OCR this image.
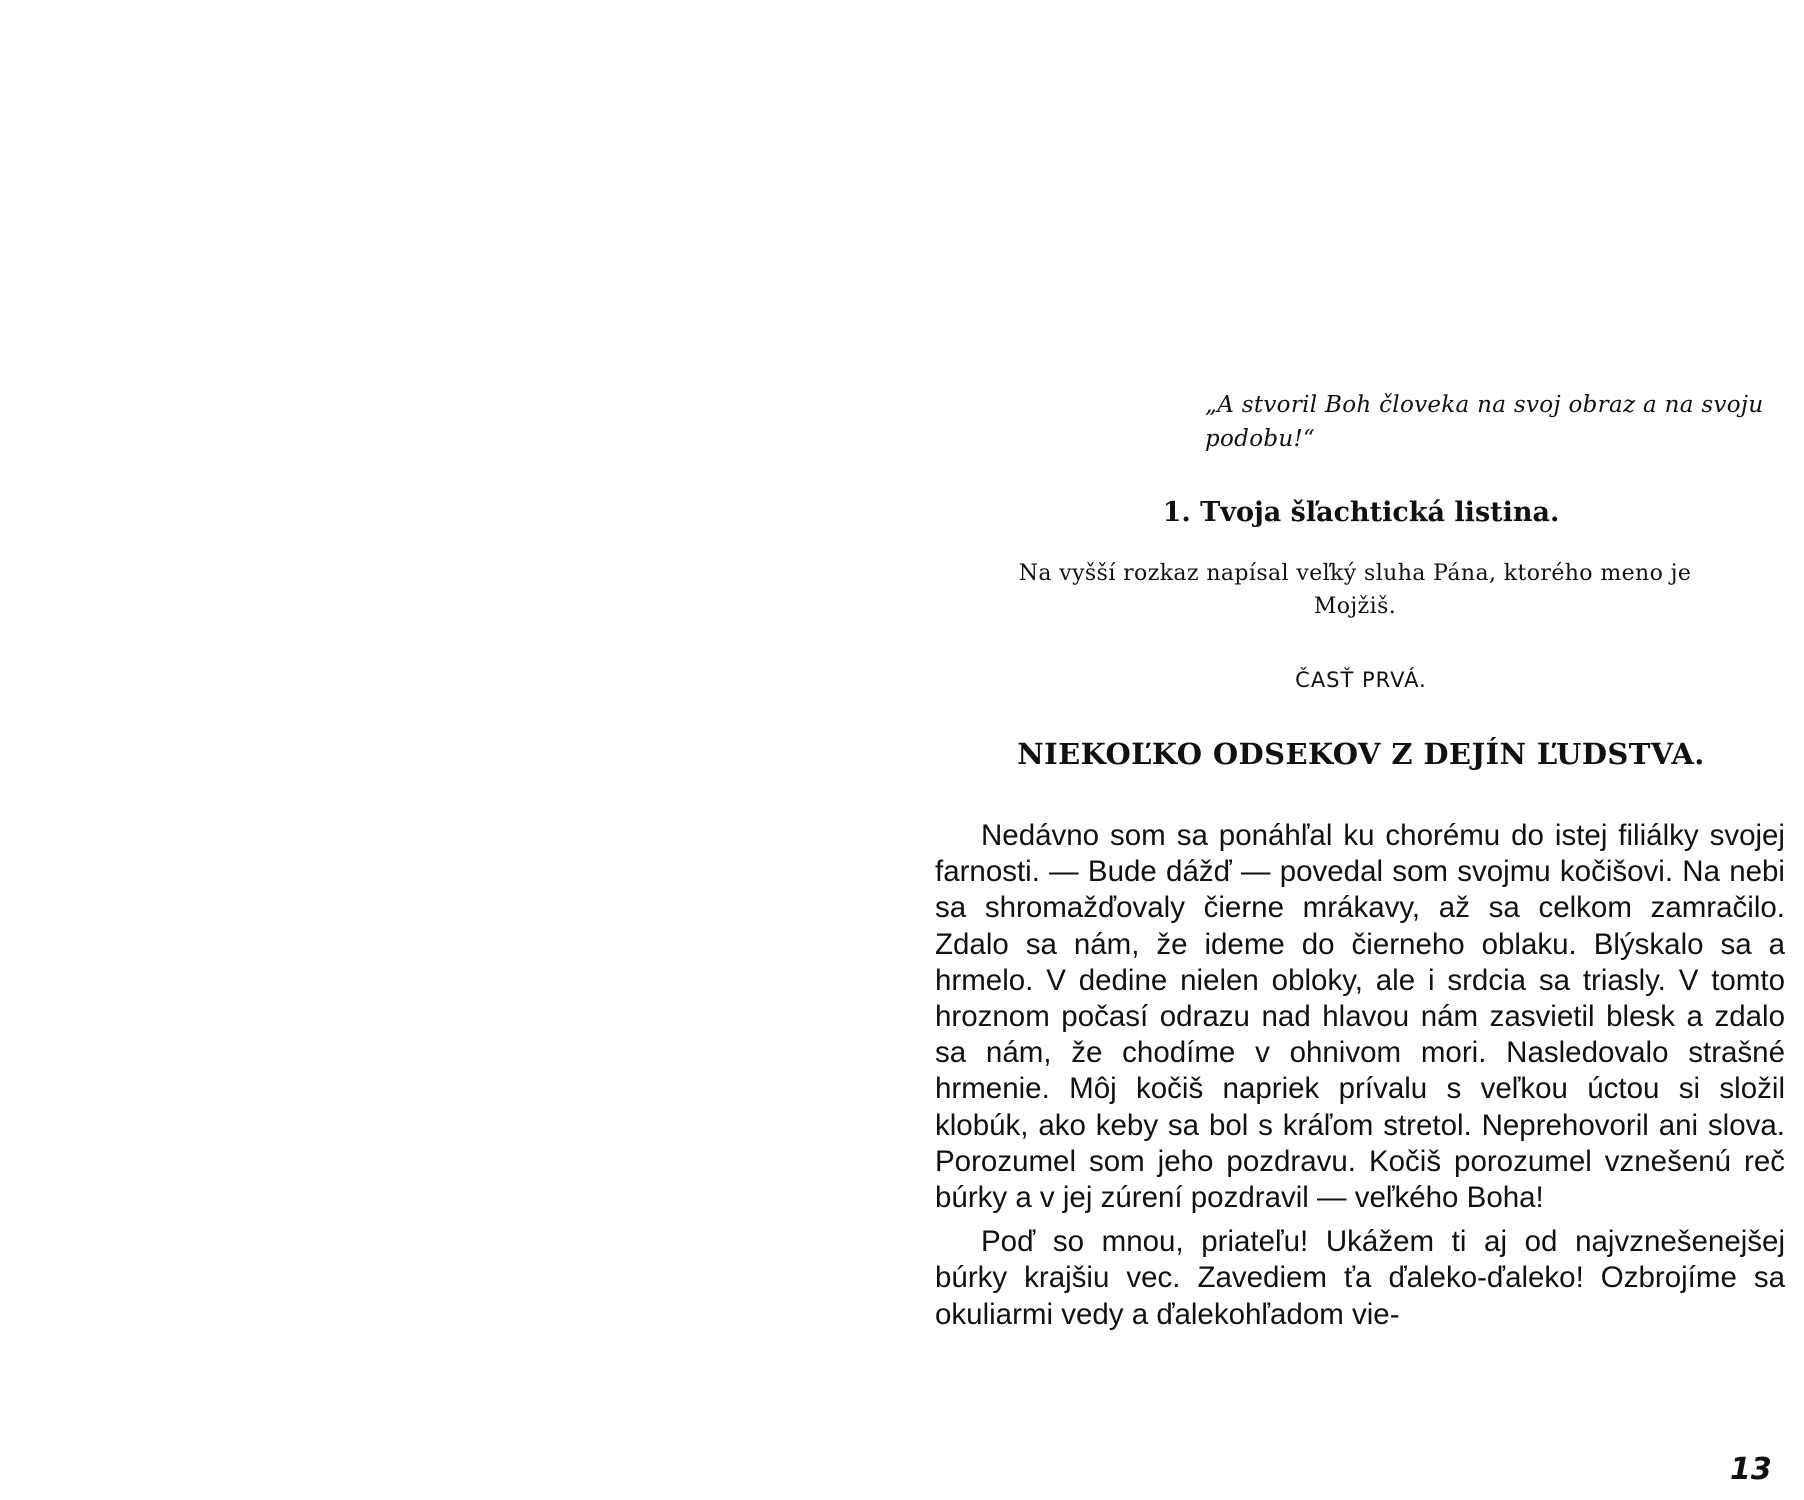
„A stvoril Boh človeka na svoj obraz a na svoju podobu!“

1. Tvoja šľachtická listina.

Na vyšší rozkaz napísal veľký sluha Pána, ktorého meno je Mojžiš.

ČASŤ PRVÁ.

NIEKOĽKO ODSEKOV Z DEJÍN ĽUDSTVA.

Nedávno som sa ponáhľal ku chorému do istej filiálky svojej farnosti. — Bude dážď — povedal som svojmu kočišovi. Na nebi sa shromažďovaly čierne mrákavy, až sa celkom zamračilo. Zdalo sa nám, že ideme do čierneho oblaku. Blýskalo sa a hrmelo. V dedine nielen obloky, ale i srdcia sa triasly. V tomto hroznom počasí odrazu nad hlavou nám zasvietil blesk a zdalo sa nám, že chodíme v ohnivom mori. Nasledovalo strašné hrmenie. Môj kočiš napriek prívalu s veľkou úctou si složil klobúk, ako keby sa bol s kráľom stretol. Neprehovoril ani slova. Porozumel som jeho pozdravu. Kočiš porozumel vznešenú reč búrky a v jej zúrení pozdravil — veľkého Boha!

Poď so mnou, priateľu! Ukážem ti aj od najvznešenejšej búrky krajšiu vec. Zavediem ťa ďaleko-ďaleko! Ozbrojíme sa okuliarmi vedy a ďalekohľadom vie-

13
